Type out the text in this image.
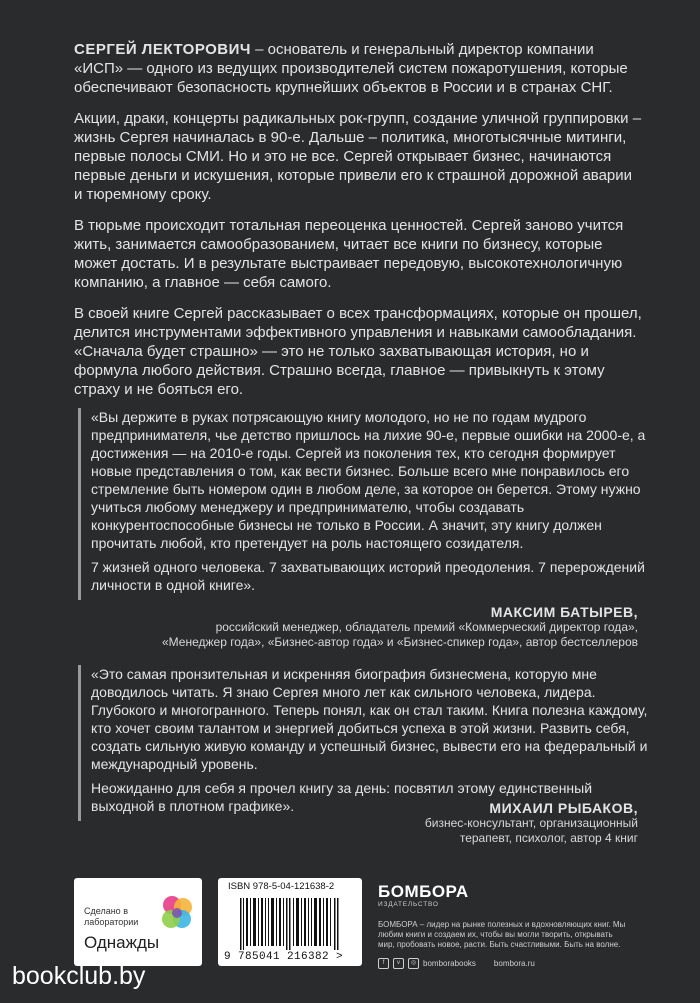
СЕРГЕЙ ЛЕКТОРОВИЧ – основатель и генеральный директор компании «ИСП» — одного из ведущих производителей систем пожаротушения, которые обеспечивают безопасность крупнейших объектов в России и в странах СНГ.

Акции, драки, концерты радикальных рок-групп, создание уличной группировки – жизнь Сергея начиналась в 90-е. Дальше – политика, многотысячные митинги, первые полосы СМИ. Но и это не все. Сергей открывает бизнес, начинаются первые деньги и искушения, которые привели его к страшной дорожной аварии и тюремному сроку.

В тюрьме происходит тотальная переоценка ценностей. Сергей заново учится жить, занимается самообразованием, читает все книги по бизнесу, которые может достать. И в результате выстраивает передовую, высокотехнологичную компанию, а главное — себя самого.

В своей книге Сергей рассказывает о всех трансформациях, которые он прошел, делится инструментами эффективного управления и навыками самообладания. «Сначала будет страшно» — это не только захватывающая история, но и формула любого действия. Страшно всегда, главное — привыкнуть к этому страху и не бояться его.

«Вы держите в руках потрясающую книгу молодого, но не по годам мудрого предпринимателя, чье детство пришлось на лихие 90-е, первые ошибки на 2000-е, а достижения — на 2010-е годы. Сергей из поколения тех, кто сегодня формирует новые представления о том, как вести бизнес. Больше всего мне понравилось его стремление быть номером один в любом деле, за которое он берется. Этому нужно учиться любому менеджеру и предпринимателю, чтобы создавать конкурентоспособные бизнесы не только в России. А значит, эту книгу должен прочитать любой, кто претендует на роль настоящего созидателя.

7 жизней одного человека. 7 захватывающих историй преодоления. 7 перерождений личности в одной книге».

МАКСИМ БАТЫРЕВ,
российский менеджер, обладатель премий «Коммерческий директор года»,
«Менеджер года», «Бизнес-автор года» и «Бизнес-спикер года», автор бестселлеров

«Это самая пронзительная и искренняя биография бизнесмена, которую мне доводилось читать. Я знаю Сергея много лет как сильного человека, лидера. Глубокого и многогранного. Теперь понял, как он стал таким. Книга полезна каждому, кто хочет своим талантом и энергией добиться успеха в этой жизни. Развить себя, создать сильную живую команду и успешный бизнес, вывести его на федеральный и международный уровень.

Неожиданно для себя я прочел книгу за день: посвятил этому единственный выходной в плотном графике».	МИХАИЛ РЫБАКОВ,
бизнес-консультант, организационный
терапевт, психолог, автор 4 книг
Сделано в
лаборатории
Однажды
ISBN 978-5-04-121638-2
9 785041 216382 >
БОМБОРА
ИЗДАТЕЛЬСТВО
БОМБОРА – лидер на рынке полезных и вдохновляющих книг. Мы любим книги и создаем их, чтобы вы могли творить, открывать мир, пробовать новое, расти. Быть счастливыми. Быть на волне.
f	v	◎ bomborabooks bombora.ru
bookclub.by
